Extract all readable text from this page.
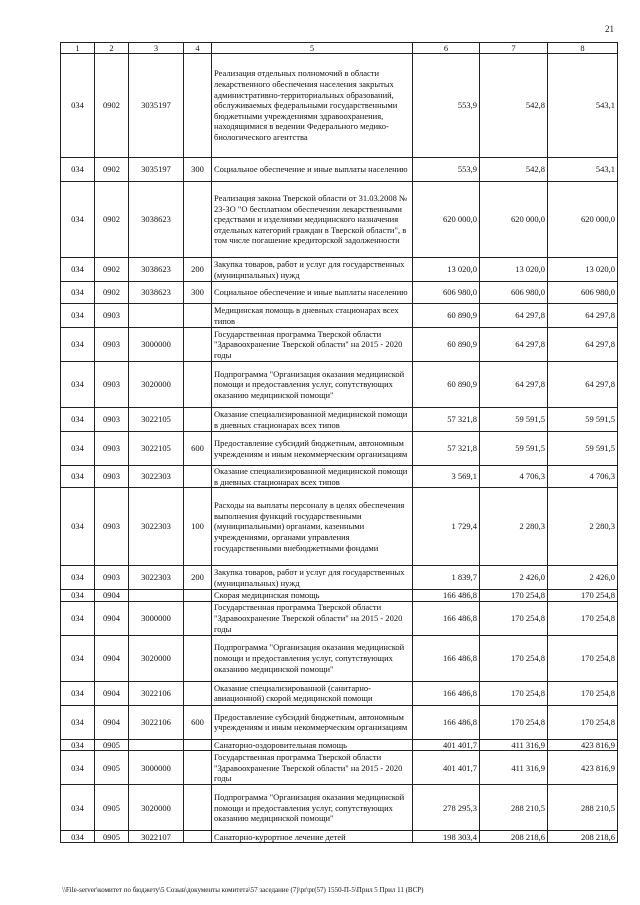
21
1	2	3	4	5	6	7	8
034	0902	3035197		Реализация отдельных полномочий в области лекарственного обеспечения населения закрытых административно-территориальных образований, обслуживаемых федеральными государственными бюджетными учреждениями здравоохранения, находящимися в ведении Федерального медико-биологического агентства	553,9	542,8	543,1
034	0902	3035197	300	Социальное обеспечение и иные выплаты населению	553,9	542,8	543,1
034	0902	3038623		Реализация закона Тверской области от 31.03.2008 № 23-ЗО "О бесплатном обеспечении лекарственными средствами и изделиями медицинского назначения отдельных категорий граждан в Тверской области", в том числе погашение кредиторской задолженности	620 000,0	620 000,0	620 000,0
034	0902	3038623	200	Закупка товаров, работ и услуг для государственных (муниципальных) нужд	13 020,0	13 020,0	13 020,0
034	0902	3038623	300	Социальное обеспечение и иные выплаты населению	606 980,0	606 980,0	606 980,0
034	0903			Медицинская помощь в дневных стационарах всех типов	60 890,9	64 297,8	64 297,8
034	0903	3000000		Государственная программа Тверской области "Здравоохранение Тверской области" на 2015 - 2020 годы	60 890,9	64 297,8	64 297,8
034	0903	3020000		Подпрограмма "Организация оказания медицинской помощи и предоставления услуг, сопутствующих оказанию медицинской помощи"	60 890,9	64 297,8	64 297,8
034	0903	3022105		Оказание специализированной медицинской помощи в дневных стационарах всех типов	57 321,8	59 591,5	59 591,5
034	0903	3022105	600	Предоставление субсидий бюджетным, автономным учреждениям и иным некоммерческим организациям	57 321,8	59 591,5	59 591,5
034	0903	3022303		Оказание специализированной медицинской помощи в дневных стационарах всех типов	3 569,1	4 706,3	4 706,3
034	0903	3022303	100	Расходы на выплаты персоналу в целях обеспечения выполнения функций государственными (муниципальными) органами, казенными учреждениями, органами управления государственными внебюджетными фондами	1 729,4	2 280,3	2 280,3
034	0903	3022303	200	Закупка товаров, работ и услуг для государственных (муниципальных) нужд	1 839,7	2 426,0	2 426,0
034	0904			Скорая медицинская помощь	166 486,8	170 254,8	170 254,8
034	0904	3000000		Государственная программа Тверской области "Здравоохранение Тверской области" на 2015 - 2020 годы	166 486,8	170 254,8	170 254,8
034	0904	3020000		Подпрограмма "Организация оказания медицинской помощи и предоставления услуг, сопутствующих оказанию медицинской помощи"	166 486,8	170 254,8	170 254,8
034	0904	3022106		Оказание специализированной (санитарно-авиационной) скорой медицинской помощи	166 486,8	170 254,8	170 254,8
034	0904	3022106	600	Предоставление субсидий бюджетным, автономным учреждениям и иным некоммерческим организациям	166 486,8	170 254,8	170 254,8
034	0905			Санаторно-оздоровительная помощь	401 401,7	411 316,9	423 816,9
034	0905	3000000		Государственная программа Тверской области "Здравоохранение Тверской области" на 2015 - 2020 годы	401 401,7	411 316,9	423 816,9
034	0905	3020000		Подпрограмма "Организация оказания медицинской помощи и предоставления услуг, сопутствующих оказанию медицинской помощи"	278 295,3	288 210,5	288 210,5
034	0905	3022107		Санаторно-курортное лечение детей	198 303,4	208 218,6	208 218,6
\\File-server\комитет по бюджету\5 Созыв\документы комитета\57 заседание (7)\pr\pr(57) 1550-П-5\Прил 5 Прил 11 (ВСР)
